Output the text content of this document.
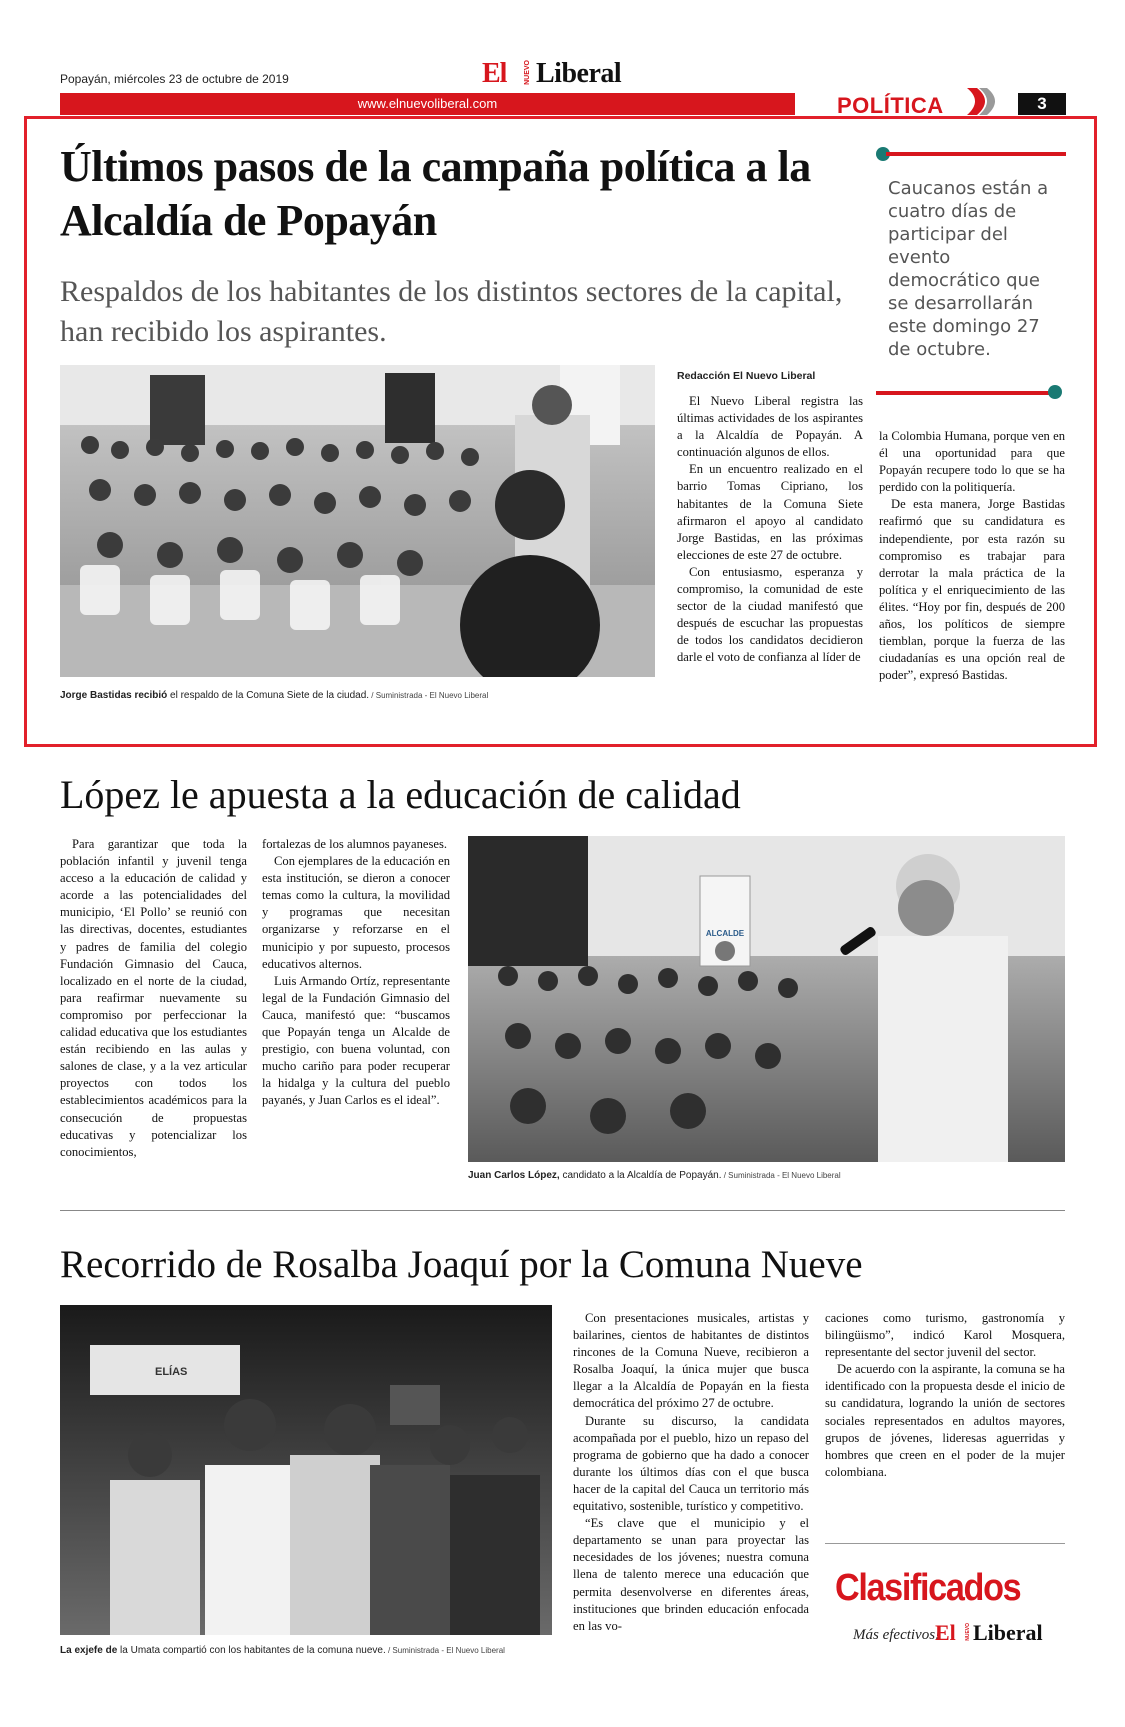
Popayán, miércoles 23 de octubre de 2019	El	NUEVO Liberal
www.elnuevoliberal.com	POLÍTICA	3
Últimos pasos de la campaña política a la Alcaldía de Popayán
Respaldos de los habitantes de los distintos sectores de la capital, han recibido los aspirantes.
Jorge Bastidas recibió el respaldo de la Comuna Siete de la ciudad. / Suministrada - El Nuevo Liberal
Redacción El Nuevo Liberal

El Nuevo Liberal registra las últimas actividades de los aspirantes a la Alcaldía de Popayán. A continuación algunos de ellos.

En un encuentro realizado en el barrio Tomas Cipriano, los habitantes de la Comuna Siete afirmaron el apoyo al candidato Jorge Bastidas, en las próximas elecciones de este 27 de octubre.

Con entusiasmo, esperanza y compromiso, la comunidad de este sector de la ciudad manifestó que después de escuchar las propuestas de todos los candidatos decidieron darle el voto de confianza al líder de

la Colombia Humana, porque ven en él una oportunidad para que Popayán recupere todo lo que se ha perdido con la politiquería.

De esta manera, Jorge Bastidas reafirmó que su candidatura es independiente, por esta razón su compromiso es trabajar para derrotar la mala práctica de la política y el enriquecimiento de las élites. “Hoy por fin, después de 200 años, los políticos de siempre tiemblan, porque la fuerza de las ciudadanías es una opción real de poder”, expresó Bastidas.

Caucanos están a cuatro días de participar del evento democrático que se desarrollarán este domingo 27 de octubre.
López le apuesta a la educación de calidad

Para garantizar que toda la población infantil y juvenil tenga acceso a la educación de calidad y acorde a las potencialidades del municipio, ‘El Pollo’ se reunió con las directivas, docentes, estudiantes y padres de familia del colegio Fundación Gimnasio del Cauca, localizado en el norte de la ciudad, para reafirmar nuevamente su compromiso por perfeccionar la calidad educativa que los estudiantes están recibiendo en las aulas y salones de clase, y a la vez articular proyectos con todos los establecimientos académicos para la consecución de propuestas educativas y potencializar los conocimientos,

fortalezas de los alumnos payaneses.

Con ejemplares de la educación en esta institución, se dieron a conocer temas como la cultura, la movilidad y programas que necesitan organizarse y reforzarse en el municipio y por supuesto, procesos educativos alternos.

Luis Armando Ortíz, representante legal de la Fundación Gimnasio del Cauca, manifestó que: “buscamos que Popayán tenga un Alcalde de prestigio, con buena voluntad, con mucho cariño para poder recuperar la hidalga y la cultura del pueblo payanés, y Juan Carlos es el ideal”.

ALCALDE
Juan Carlos López, candidato a la Alcaldía de Popayán. / Suministrada - El Nuevo Liberal
Recorrido de Rosalba Joaquí por la Comuna Nueve
ELÍAS
La exjefe de la Umata compartió con los habitantes de la comuna nueve. / Suministrada - El Nuevo Liberal

Con presentaciones musicales, artistas y bailarines, cientos de habitantes de distintos rincones de la Comuna Nueve, recibieron a Rosalba Joaquí, la única mujer que busca llegar a la Alcaldía de Popayán en la fiesta democrática del próximo 27 de octubre.

Durante su discurso, la candidata acompañada por el pueblo, hizo un repaso del programa de gobierno que ha dado a conocer durante los últimos días con el que busca hacer de la capital del Cauca un territorio más equitativo, sostenible, turístico y competitivo.

“Es clave que el municipio y el departamento se unan para proyectar las necesidades de los jóvenes; nuestra comuna llena de talento merece una educación que permita desenvolverse en diferentes áreas, instituciones que brinden educación enfocada en las vo-

caciones como turismo, gastronomía y bilingüismo”, indicó Karol Mosquera, representante del sector juvenil del sector.

De acuerdo con la aspirante, la comuna se ha identificado con la propuesta desde el inicio de su candidatura, logrando la unión de sectores sociales representados en adultos mayores, grupos de jóvenes, lideresas aguerridas y hombres que creen en el poder de la mujer colombiana.

Clasificados
Más efectivos!
El NUEVO Liberal
